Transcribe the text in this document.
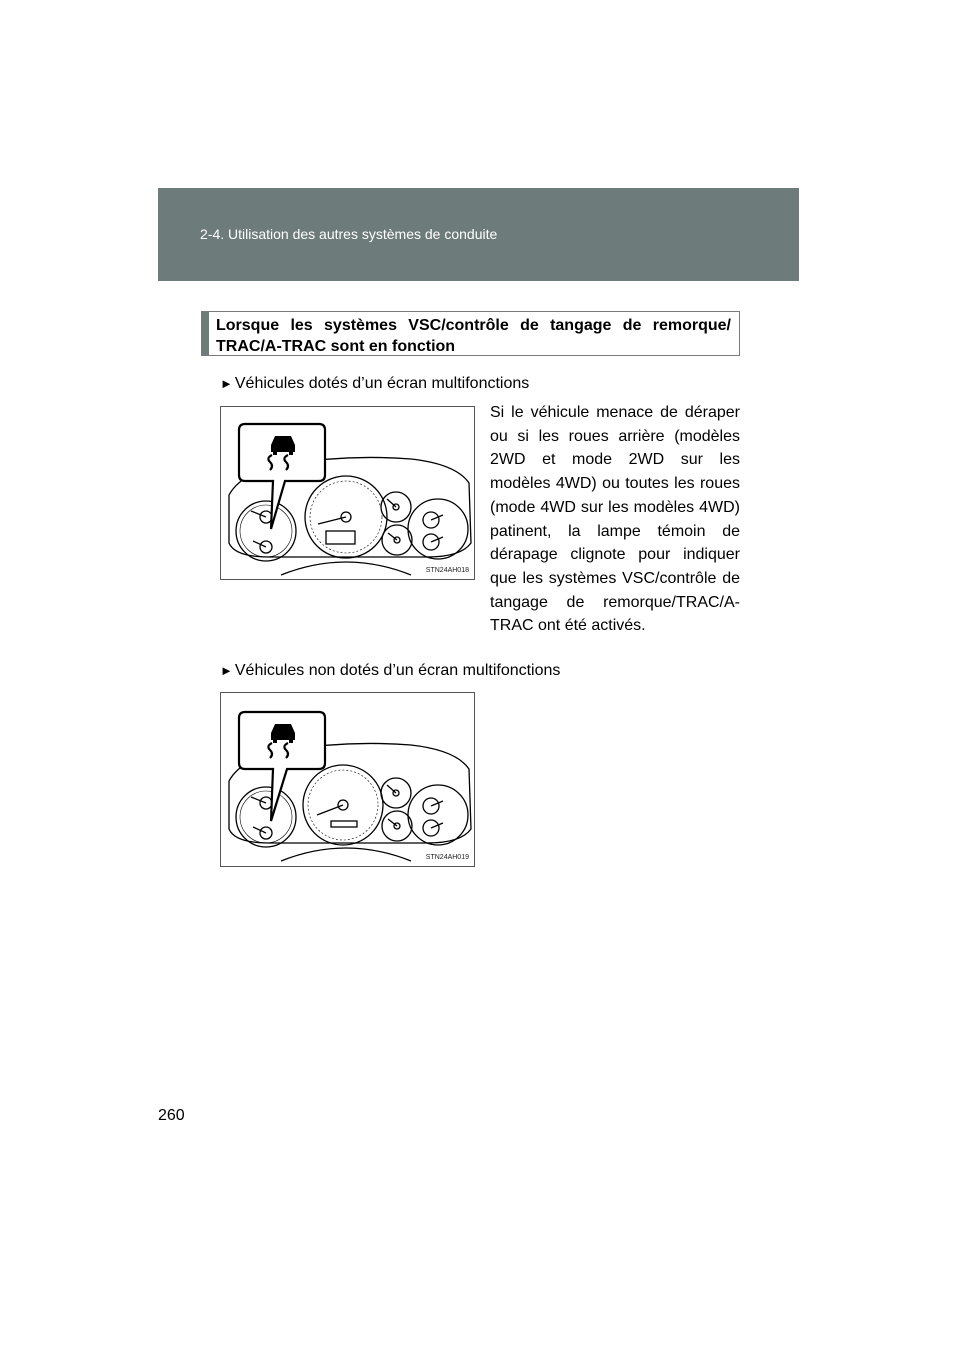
2-4. Utilisation des autres systèmes de conduite
Lorsque les systèmes VSC/contrôle de tangage de remorque/ TRAC/A-TRAC sont en fonction
► Véhicules dotés d’un écran multifonctions
STN24AH018
Si le véhicule menace de déraper ou si les roues arrière (modèles 2WD et mode 2WD sur les modèles 4WD) ou toutes les roues (mode 4WD sur les modèles 4WD) patinent, la lampe témoin de dérapage clignote pour indiquer que les systèmes VSC/contrôle de tangage de remorque/TRAC/A-TRAC ont été activés.
► Véhicules non dotés d’un écran multifonctions
STN24AH019
260
